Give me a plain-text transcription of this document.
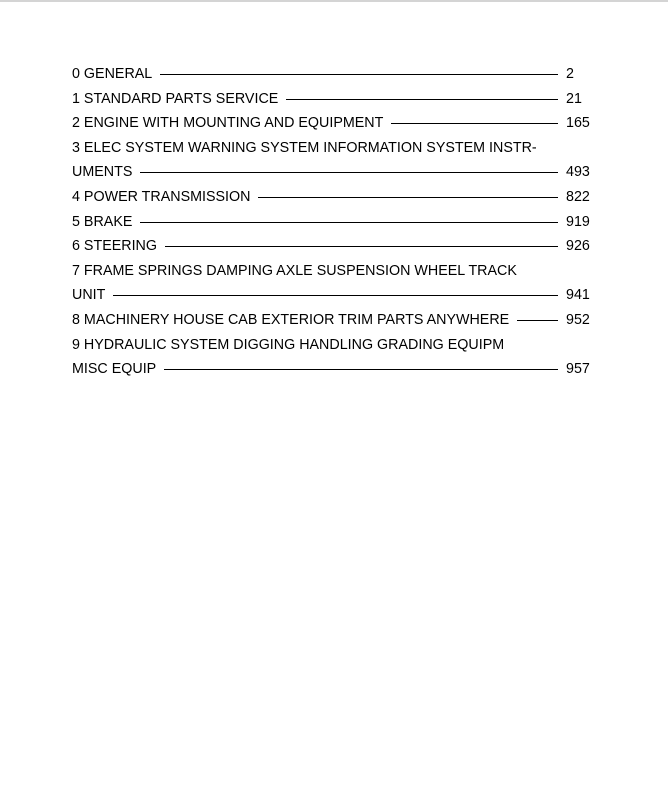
0 GENERAL	2
1 STANDARD PARTS SERVICE	21
2 ENGINE WITH MOUNTING AND EQUIPMENT	165
3 ELEC SYSTEM WARNING SYSTEM INFORMATION SYSTEM INSTR-
UMENTS	493
4 POWER TRANSMISSION	822
5 BRAKE	919
6 STEERING	926
7 FRAME SPRINGS DAMPING AXLE SUSPENSION WHEEL TRACK
UNIT	941
8 MACHINERY HOUSE CAB EXTERIOR TRIM PARTS ANYWHERE	952
9 HYDRAULIC SYSTEM DIGGING HANDLING GRADING EQUIPM
MISC EQUIP	957
